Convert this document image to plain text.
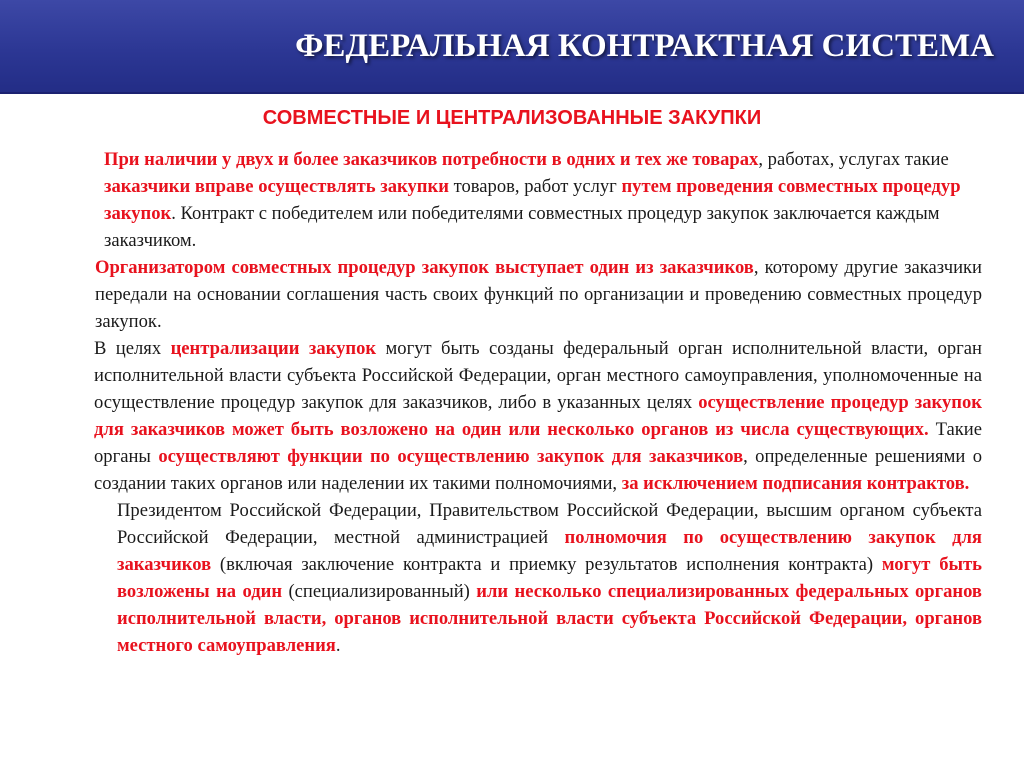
ФЕДЕРАЛЬНАЯ КОНТРАКТНАЯ СИСТЕМА
СОВМЕСТНЫЕ И ЦЕНТРАЛИЗОВАННЫЕ ЗАКУПКИ

При наличии у двух и более заказчиков потребности в одних и тех же товарах, работах, услугах такие заказчики вправе осуществлять закупки товаров, работ услуг путем проведения совместных процедур закупок. Контракт с победителем или победителями совместных процедур закупок заключается каждым заказчиком.

Организатором совместных процедур закупок выступает один из заказчиков, которому другие заказчики передали на основании соглашения часть своих функций по организации и проведению совместных процедур закупок.

В целях централизации закупок могут быть созданы федеральный орган исполнительной власти, орган исполнительной власти субъекта Российской Федерации, орган местного самоуправления, уполномоченные на осуществление процедур закупок для заказчиков, либо в указанных целях осуществление процедур закупок для заказчиков может быть возложено на один или несколько органов из числа существующих. Такие органы осуществляют функции по осуществлению закупок для заказчиков, определенные решениями о создании таких органов или наделении их такими полномочиями, за исключением подписания контрактов.

Президентом Российской Федерации, Правительством Российской Федерации, высшим органом субъекта Российской Федерации, местной администрацией полномочия по осуществлению закупок для заказчиков (включая заключение контракта и приемку результатов исполнения контракта) могут быть возложены на один (специализированный) или несколько специализированных федеральных органов исполнительной власти, органов исполнительной власти субъекта Российской Федерации, органов местного самоуправления.
